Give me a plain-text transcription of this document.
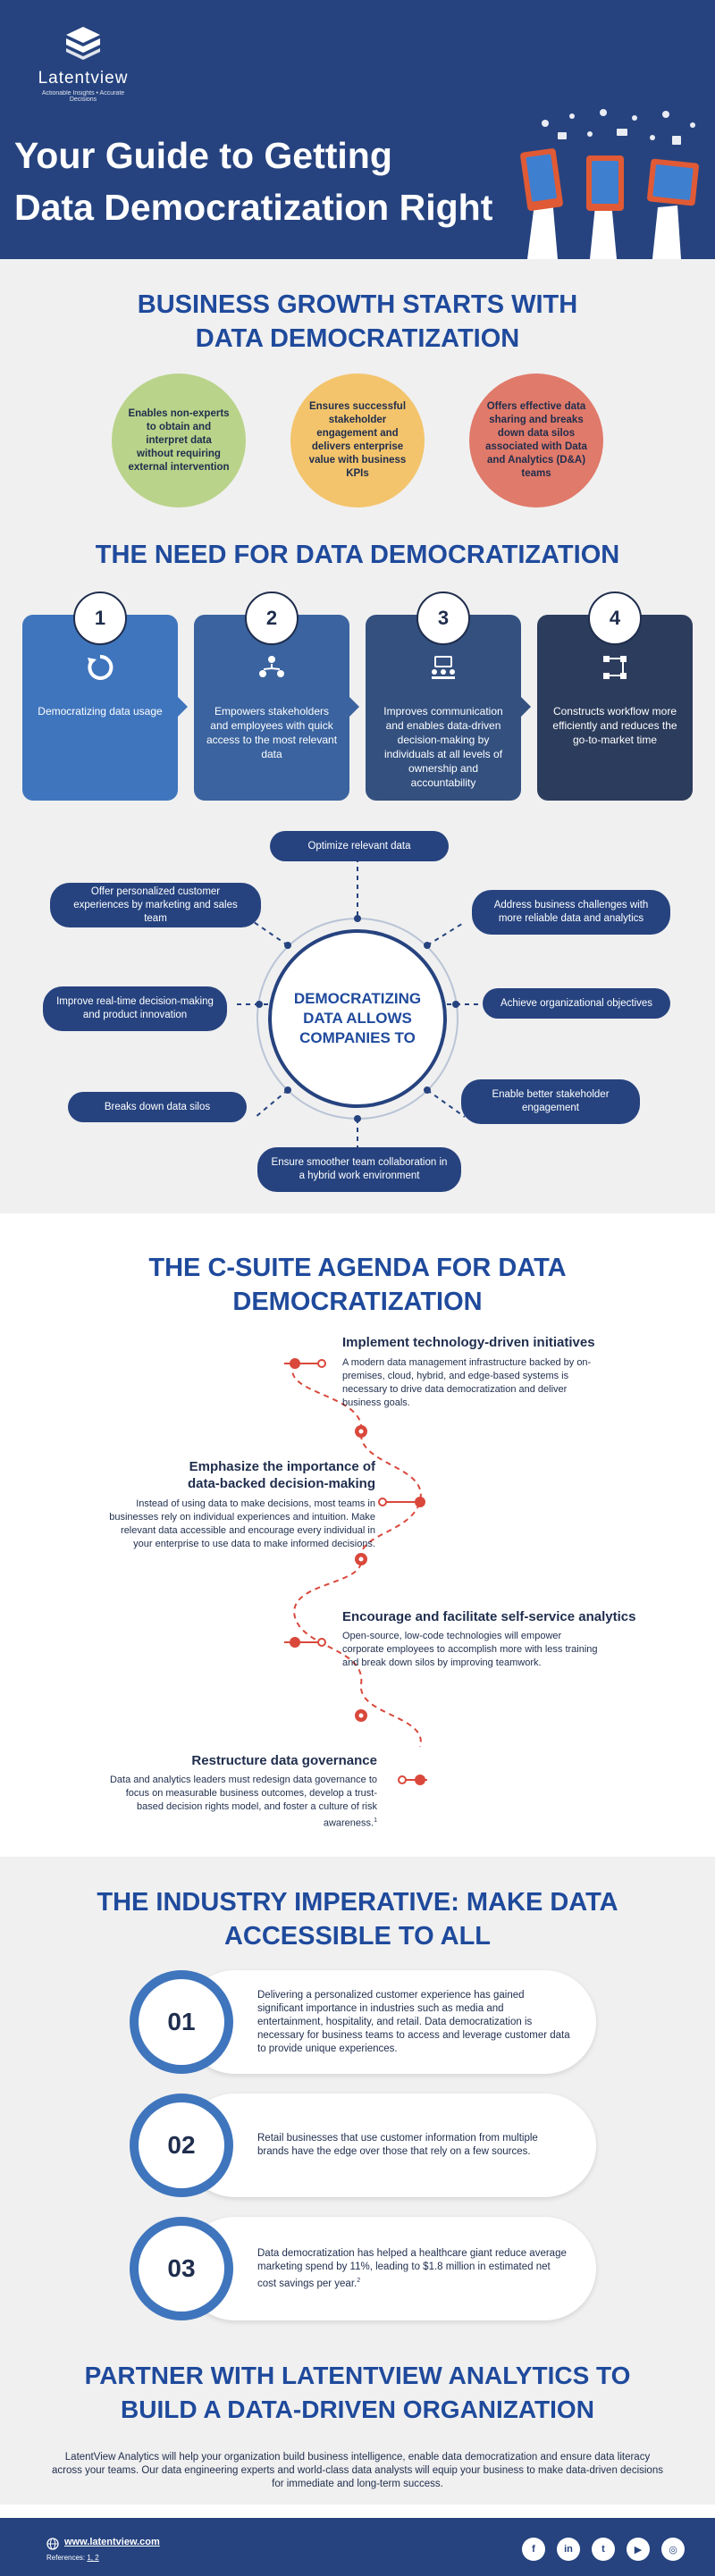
Latentview
Actionable Insights • Accurate Decisions
Your Guide to Getting
Data Democratization Right
BUSINESS GROWTH STARTS WITH
DATA DEMOCRATIZATION
Enables non-experts to obtain and interpret data without requiring external intervention
Ensures successful stakeholder engagement and delivers enterprise value with business KPIs
Offers effective data sharing and breaks down data silos associated with Data and Analytics (D&A) teams
THE NEED FOR DATA DEMOCRATIZATION
1
Democratizing data usage
2
Empowers stakeholders and employees with quick access to the most relevant data
3
Improves communication and enables data-driven decision-making by individuals at all levels of ownership and accountability
4
Constructs workflow more efficiently and reduces the go-to-market time
Optimize relevant data
Address business challenges with more reliable data and analytics
Achieve organizational objectives
Enable better stakeholder engagement
Ensure smoother team collaboration in a hybrid work environment
Breaks down data silos
Improve real-time decision-making and product innovation
Offer personalized customer experiences by marketing and sales team
DEMOCRATIZING
DATA ALLOWS
COMPANIES TO
THE C-SUITE AGENDA FOR DATA
DEMOCRATIZATION
Implement technology-driven initiatives
A modern data management infrastructure backed by on-premises, cloud, hybrid, and edge-based systems is necessary to drive data democratization and deliver business goals.
Emphasize the importance of
data-backed decision-making
Instead of using data to make decisions, most teams in businesses rely on individual experiences and intuition. Make relevant data accessible and encourage every individual in your enterprise to use data to make informed decisions.
Encourage and facilitate self-service analytics
Open-source, low-code technologies will empower corporate employees to accomplish more with less training and break down silos by improving teamwork.
Restructure data governance
Data and analytics leaders must redesign data governance to focus on measurable business outcomes, develop a trust-based decision rights model, and foster a culture of risk awareness.$^1$
THE INDUSTRY IMPERATIVE: MAKE DATA
ACCESSIBLE TO ALL
01
Delivering a personalized customer experience has gained significant importance in industries such as media and entertainment, hospitality, and retail. Data democratization is necessary for business teams to access and leverage customer data to provide unique experiences.
02	Retail businesses that use customer information from multiple brands have the edge over those that rely on a few sources.
03
Data democratization has helped a healthcare giant reduce average marketing spend by 11%, leading to $1.8 million in estimated net cost savings per year.$^2$
PARTNER WITH LATENTVIEW ANALYTICS TO
BUILD A DATA-DRIVEN ORGANIZATION
LatentView Analytics will help your organization build business intelligence, enable data democratization and ensure data literacy across your teams. Our data engineering experts and world-class data analysts will equip your business to make data-driven decisions for immediate and long-term success.
www.latentview.com
References: 1, 2
f	in	t	▶	◎
